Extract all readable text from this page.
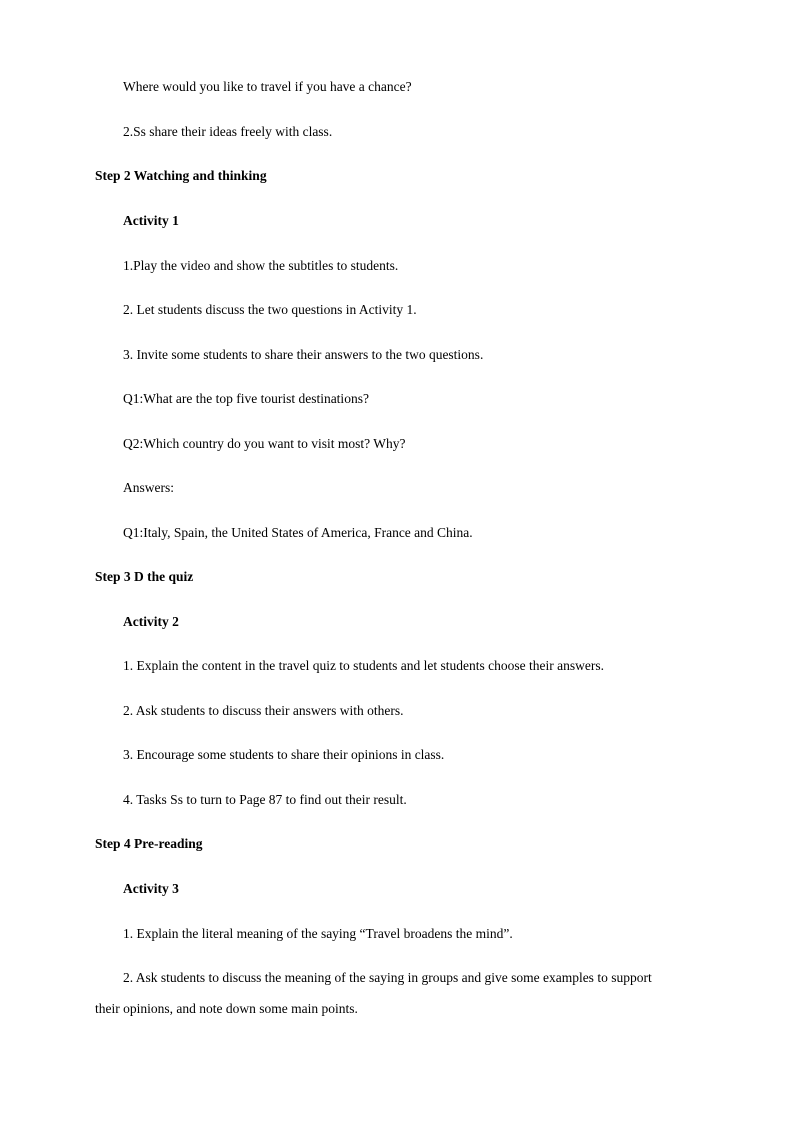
Where would you like to travel if you have a chance?
2.Ss share their ideas freely with class.
Step 2 Watching and thinking
Activity 1
1.Play the video and show the subtitles to students.
2. Let students discuss the two questions in Activity 1.
3. Invite some students to share their answers to the two questions.
Q1:What are the top five tourist destinations?
Q2:Which country do you want to visit most? Why?
Answers:
Q1:Italy, Spain, the United States of America, France and China.
Step 3 D the quiz
Activity 2
1. Explain the content in the travel quiz to students and let students choose their answers.
2. Ask students to discuss their answers with others.
3. Encourage some students to share their opinions in class.
4. Tasks Ss to turn to Page 87 to find out their result.
Step 4 Pre-reading
Activity 3
1. Explain the literal meaning of the saying “Travel broadens the mind”.
2. Ask students to discuss the meaning of the saying in groups and give some examples to support
their opinions, and note down some main points.
